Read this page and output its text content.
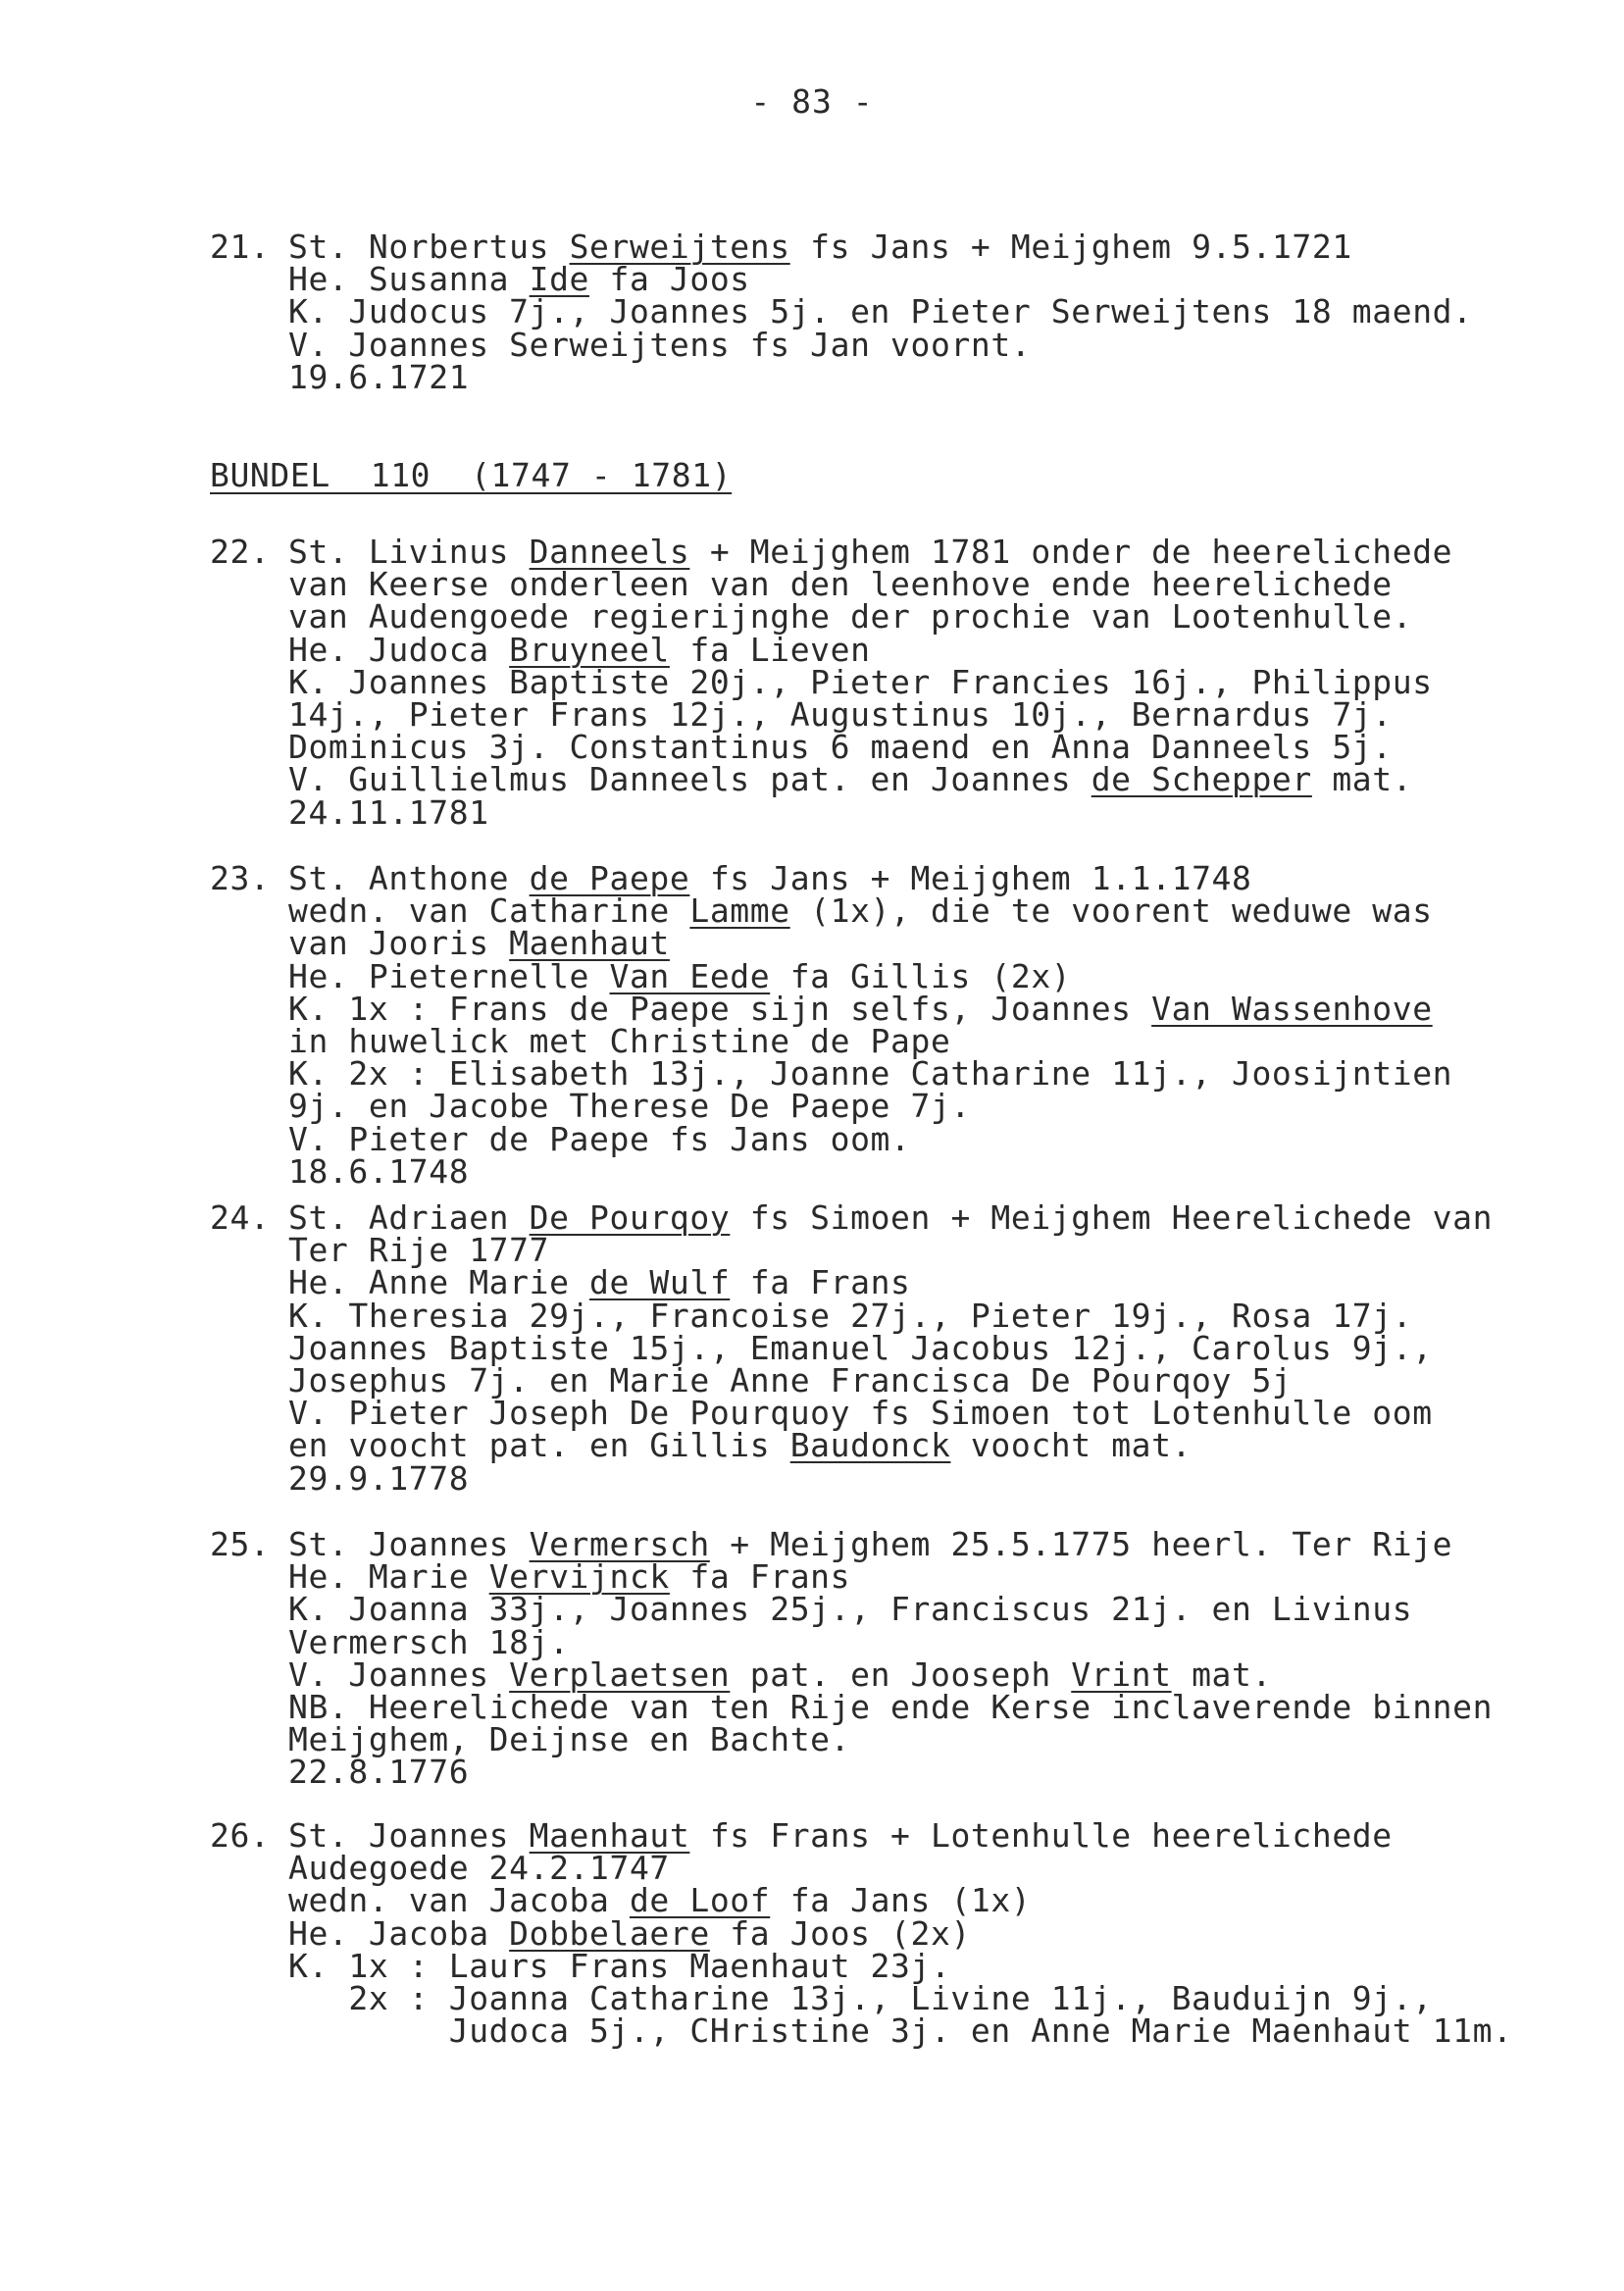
- 83 -
BUNDEL  110  (1747 - 1781)
21. St. Norbertus Serweijtens fs Jans + Meijghem 9.5.1721
He. Susanna Ide fa Joos
K. Judocus 7j., Joannes 5j. en Pieter Serweijtens 18 maend.
V. Joannes Serweijtens fs Jan voornt.
19.6.1721
22. St. Livinus Danneels + Meijghem 1781 onder de heerelichede
van Keerse onderleen van den leenhove ende heerelichede
van Audengoede regierijnghe der prochie van Lootenhulle.
He. Judoca Bruyneel fa Lieven
K. Joannes Baptiste 20j., Pieter Francies 16j., Philippus
14j., Pieter Frans 12j., Augustinus 10j., Bernardus 7j.
Dominicus 3j. Constantinus 6 maend en Anna Danneels 5j.
V. Guillielmus Danneels pat. en Joannes de Schepper mat.
24.11.1781
23. St. Anthone de Paepe fs Jans + Meijghem 1.1.1748
wedn. van Catharine Lamme (1x), die te voorent weduwe was
van Jooris Maenhaut
He. Pieternelle Van Eede fa Gillis (2x)
K. 1x : Frans de Paepe sijn selfs, Joannes Van Wassenhove
in huwelick met Christine de Pape
K. 2x : Elisabeth 13j., Joanne Catharine 11j., Joosijntien
9j. en Jacobe Therese De Paepe 7j.
V. Pieter de Paepe fs Jans oom.
18.6.1748
24. St. Adriaen De Pourqoy fs Simoen + Meijghem Heerelichede van
Ter Rije 1777
He. Anne Marie de Wulf fa Frans
K. Theresia 29j., Francoise 27j., Pieter 19j., Rosa 17j.
Joannes Baptiste 15j., Emanuel Jacobus 12j., Carolus 9j.,
Josephus 7j. en Marie Anne Francisca De Pourqoy 5j
V. Pieter Joseph De Pourquoy fs Simoen tot Lotenhulle oom
en voocht pat. en Gillis Baudonck voocht mat.
29.9.1778
25. St. Joannes Vermersch + Meijghem 25.5.1775 heerl. Ter Rije
He. Marie Vervijnck fa Frans
K. Joanna 33j., Joannes 25j., Franciscus 21j. en Livinus
Vermersch 18j.
V. Joannes Verplaetsen pat. en Jooseph Vrint mat.
NB. Heerelichede van ten Rije ende Kerse inclaverende binnen
Meijghem, Deijnse en Bachte.
22.8.1776
26. St. Joannes Maenhaut fs Frans + Lotenhulle heerelichede
Audegoede 24.2.1747
wedn. van Jacoba de Loof fa Jans (1x)
He. Jacoba Dobbelaere fa Joos (2x)
K. 1x : Laurs Frans Maenhaut 23j.
2x : Joanna Catharine 13j., Livine 11j., Bauduijn 9j.,
Judoca 5j., CHristine 3j. en Anne Marie Maenhaut 11m.
